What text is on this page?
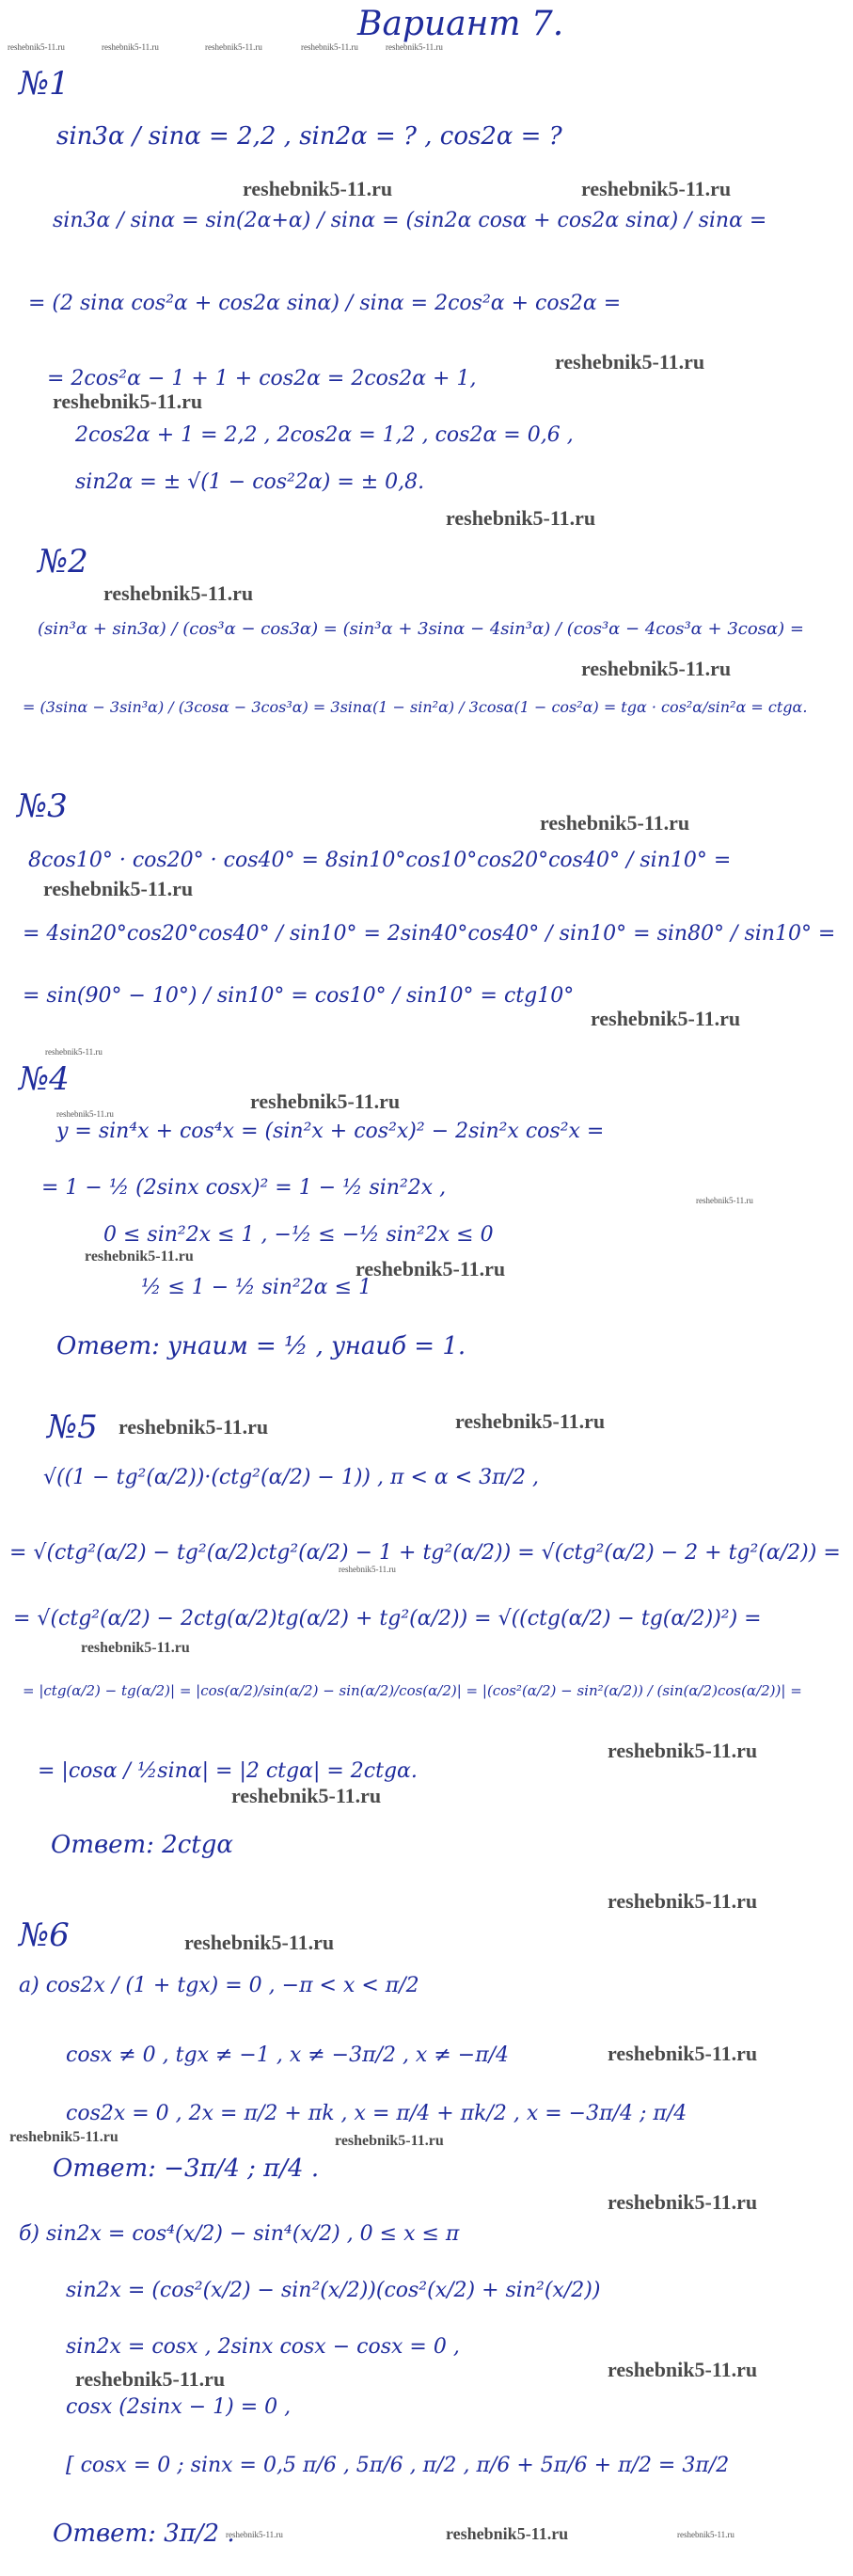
Вариант 7.
reshebnik5-11.ru	reshebnik5-11.ru	reshebnik5-11.ru	reshebnik5-11.ru	reshebnik5-11.ru
№1
sin3α / sinα = 2,2 , sin2α = ? , cos2α = ?
reshebnik5-11.ru	reshebnik5-11.ru
sin3α / sinα = sin(2α+α) / sinα = (sin2α cosα + cos2α sinα) / sinα =
= (2 sinα cos²α + cos2α sinα) / sinα = 2cos²α + cos2α =
reshebnik5-11.ru
= 2cos²α − 1 + 1 + cos2α = 2cos2α + 1,
reshebnik5-11.ru
2cos2α + 1 = 2,2 , 2cos2α = 1,2 , cos2α = 0,6 ,
sin2α = ± √(1 − cos²2α) = ± 0,8.
reshebnik5-11.ru
№2
reshebnik5-11.ru
(sin³α + sin3α) / (cos³α − cos3α) = (sin³α + 3sinα − 4sin³α) / (cos³α − 4cos³α + 3cosα) =
reshebnik5-11.ru
= (3sinα − 3sin³α) / (3cosα − 3cos³α) = 3sinα(1 − sin²α) / 3cosα(1 − cos²α) = tgα · cos²α/sin²α = ctgα.
№3	reshebnik5-11.ru
8cos10° · cos20° · cos40° = 8sin10°cos10°cos20°cos40° / sin10° =
reshebnik5-11.ru
= 4sin20°cos20°cos40° / sin10° = 2sin40°cos40° / sin10° = sin80° / sin10° =
= sin(90° − 10°) / sin10° = cos10° / sin10° = ctg10°
reshebnik5-11.ru
reshebnik5-11.ru
№4
reshebnik5-11.ru
reshebnik5-11.ru
y = sin⁴x + cos⁴x = (sin²x + cos²x)² − 2sin²x cos²x =
= 1 − ½ (2sinx cosx)² = 1 − ½ sin²2x ,
0 ≤ sin²2x ≤ 1 , −½ ≤ −½ sin²2x ≤ 0
reshebnik5-11.ru
reshebnik5-11.ru
reshebnik5-11.ru
½ ≤ 1 − ½ sin²2α ≤ 1
Ответ: yнаим = ½ , yнаиб = 1.
№5 reshebnik5-11.ru	reshebnik5-11.ru
√((1 − tg²(α/2))·(ctg²(α/2) − 1)) , π < α < 3π/2 ,
= √(ctg²(α/2) − tg²(α/2)ctg²(α/2) − 1 + tg²(α/2)) = √(ctg²(α/2) − 2 + tg²(α/2)) =
reshebnik5-11.ru
= √(ctg²(α/2) − 2ctg(α/2)tg(α/2) + tg²(α/2)) = √((ctg(α/2) − tg(α/2))²) =
reshebnik5-11.ru
= |ctg(α/2) − tg(α/2)| = |cos(α/2)/sin(α/2) − sin(α/2)/cos(α/2)| = |(cos²(α/2) − sin²(α/2)) / (sin(α/2)cos(α/2))| =
reshebnik5-11.ru
= |cosα / ½sinα| = |2 ctgα| = 2ctgα.
reshebnik5-11.ru
Ответ: 2ctgα
reshebnik5-11.ru
№6	reshebnik5-11.ru
a) cos2x / (1 + tgx) = 0 , −π < x < π/2
cosx ≠ 0 , tgx ≠ −1 , x ≠ −3π/2 , x ≠ −π/4	reshebnik5-11.ru
cos2x = 0 , 2x = π/2 + πk , x = π/4 + πk/2 , x = −3π/4 ; π/4
reshebnik5-11.ru	reshebnik5-11.ru
Ответ: −3π/4 ; π/4 .
reshebnik5-11.ru
б) sin2x = cos⁴(x/2) − sin⁴(x/2) , 0 ≤ x ≤ π
sin2x = (cos²(x/2) − sin²(x/2))(cos²(x/2) + sin²(x/2))
sin2x = cosx , 2sinx cosx − cosx = 0 ,
reshebnik5-11.ru	reshebnik5-11.ru
cosx (2sinx − 1) = 0 ,
[ cosx = 0 ; sinx = 0,5 π/6 , 5π/6 , π/2 , π/6 + 5π/6 + π/2 = 3π/2
Ответ: 3π/2 .
reshebnik5-11.ru	reshebnik5-11.ru	reshebnik5-11.ru
